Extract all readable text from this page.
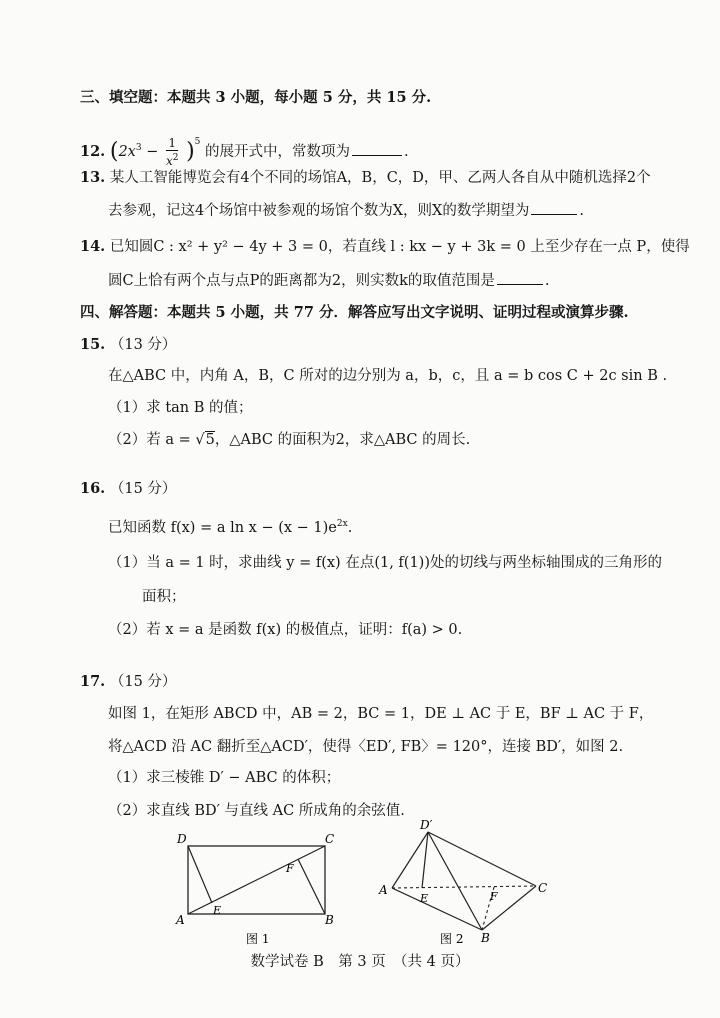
三、填空题：本题共 3 小题，每小题 5 分，共 15 分.
12. $(2x^3 - \frac{1}{x^2} )^5$ 的展开式中，常数项为	.
13. 某人工智能博览会有4个不同的场馆A，B，C，D，甲、乙两人各自从中随机选择2个
去参观，记这4个场馆中被参观的场馆个数为X，则X的数学期望为	.
14. 已知圆C : x² + y² − 4y + 3 = 0，若直线 l : kx − y + 3k = 0 上至少存在一点 P，使得
圆C上恰有两个点与点P的距离都为2，则实数k的取值范围是	.
四、解答题：本题共 5 小题，共 77 分．解答应写出文字说明、证明过程或演算步骤.
15. （13 分）
在△ABC 中，内角 A，B，C 所对的边分别为 a，b，c，且 a = b cos C + 2c sin B .
（1）求 tan B 的值；
（2）若 a = √5，△ABC 的面积为2，求△ABC 的周长.
16. （15 分）
已知函数 f(x) = a $\ln x - (x - 1)e^{2x}$.
（1）当 a = 1 时，求曲线 y = f(x) 在点(1, f(1))处的切线与两坐标轴围成的三角形的
面积；
（2）若 x = a 是函数 f(x) 的极值点，证明：f(a) > 0.
17. （15 分）
如图 1，在矩形 ABCD 中，AB = 2，BC = 1，DE ⊥ AC 于 E，BF ⊥ AC 于 F，
将△ACD 沿 AC 翻折至△ACD′，使得〈ED′, FB〉= 120°，连接 BD′，如图 2.
（1）求三棱锥 D′ − ABC 的体积；
（2）求直线 BD′ 与直线 AC 所成角的余弦值.
D	C
A	B
E
F
图 1
D′
A	C
B
E	F
图 2
数学试卷 B　第 3 页　（共 4 页）
